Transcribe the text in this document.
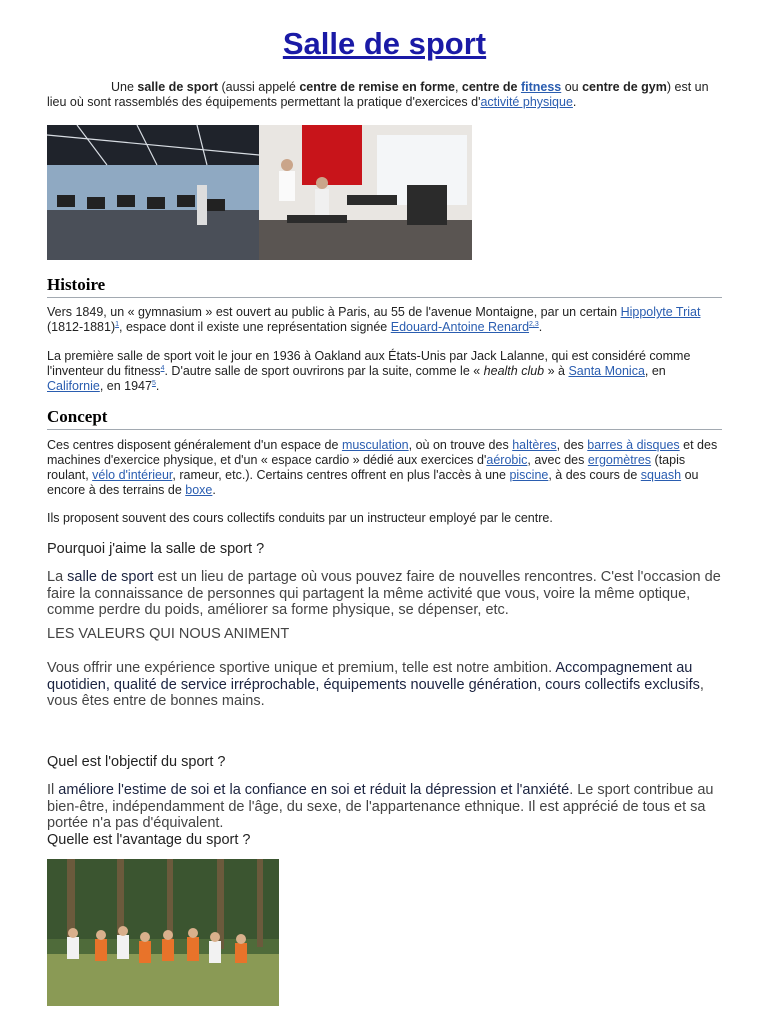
Salle de sport

Une salle de sport (aussi appelé centre de remise en forme, centre de fitness ou centre de gym) est un lieu où sont rassemblés des équipements permettant la pratique d'exercices d'activité physique.

Histoire

Vers 1849, un « gymnasium » est ouvert au public à Paris, au 55 de l'avenue Montaigne, par un certain Hippolyte Triat (1812-1881)$^1$, espace dont il existe une représentation signée Edouard-Antoine Renard$^{2,3}$.

La première salle de sport voit le jour en 1936 à Oakland aux États-Unis par Jack Lalanne, qui est considéré comme l'inventeur du fitness$^4$. D'autre salle de sport ouvrirons par la suite, comme le « health club » à Santa Monica, en Californie, en 1947$^5$.

Concept

Ces centres disposent généralement d'un espace de musculation, où on trouve des haltères, des barres à disques et des machines d'exercice physique, et d'un « espace cardio » dédié aux exercices d'aérobic, avec des ergomètres (tapis roulant, vélo d'intérieur, rameur, etc.). Certains centres offrent en plus l'accès à une piscine, à des cours de squash ou encore à des terrains de boxe.

Ils proposent souvent des cours collectifs conduits par un instructeur employé par le centre.

Pourquoi j'aime la salle de sport ?

La salle de sport est un lieu de partage où vous pouvez faire de nouvelles rencontres. C'est l'occasion de faire la connaissance de personnes qui partagent la même activité que vous, voire la même optique, comme perdre du poids, améliorer sa forme physique, se dépenser, etc.

LES VALEURS QUI NOUS ANIMENT

Vous offrir une expérience sportive unique et premium, telle est notre ambition. Accompagnement au quotidien, qualité de service irréprochable, équipements nouvelle génération, cours collectifs exclusifs, vous êtes entre de bonnes mains.

Quel est l'objectif du sport ?

Il améliore l'estime de soi et la confiance en soi et réduit la dépression et l'anxiété. Le sport contribue au bien-être, indépendamment de l'âge, du sexe, de l'appartenance ethnique. Il est apprécié de tous et sa portée n'a pas d'équivalent.

Quelle est l'avantage du sport ?
